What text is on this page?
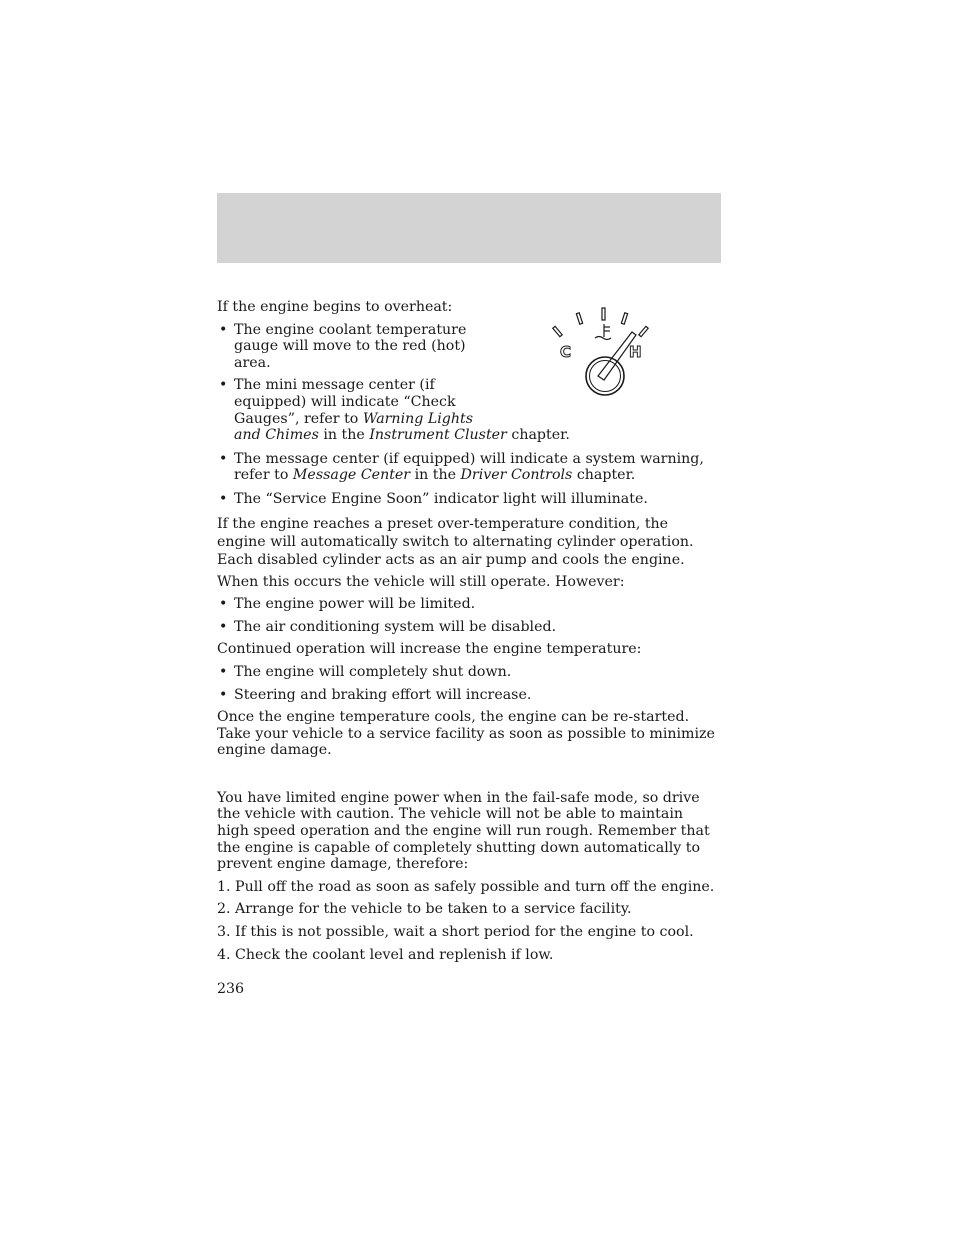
C	H

If the engine begins to overheat:

• The engine coolant temperature gauge will move to the red (hot) area.
• The mini message center (if equipped) will indicate “Check Gauges”, refer to Warning Lights
and Chimes in the Instrument Cluster chapter.
• The message center (if equipped) will indicate a system warning, refer to Message Center in the Driver Controls chapter.
• The “Service Engine Soon” indicator light will illuminate.

If the engine reaches a preset over-temperature condition, the engine will automatically switch to alternating cylinder operation. Each disabled cylinder acts as an air pump and cools the engine.

When this occurs the vehicle will still operate. However:

• The engine power will be limited.
• The air conditioning system will be disabled.

Continued operation will increase the engine temperature:

• The engine will completely shut down.
• Steering and braking effort will increase.

Once the engine temperature cools, the engine can be re-started. Take your vehicle to a service facility as soon as possible to minimize engine damage.

You have limited engine power when in the fail-safe mode, so drive the vehicle with caution. The vehicle will not be able to maintain high speed operation and the engine will run rough. Remember that the engine is capable of completely shutting down automatically to prevent engine damage, therefore:

1. Pull off the road as soon as safely possible and turn off the engine.

2. Arrange for the vehicle to be taken to a service facility.

3. If this is not possible, wait a short period for the engine to cool.

4. Check the coolant level and replenish if low.

236
